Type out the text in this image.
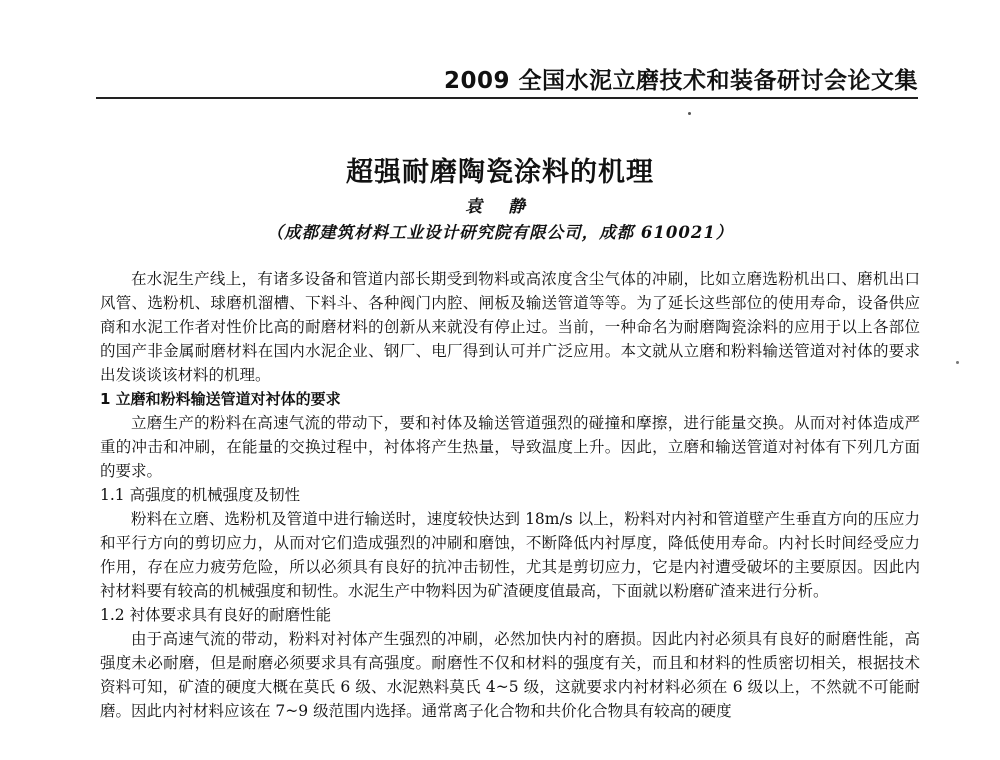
2009 全国水泥立磨技术和装备研讨会论文集
超强耐磨陶瓷涂料的机理
袁 静
（成都建筑材料工业设计研究院有限公司，成都 610021）

在水泥生产线上，有诸多设备和管道内部长期受到物料或高浓度含尘气体的冲刷，比如立磨选粉机出口、磨机出口风管、选粉机、球磨机溜槽、下料斗、各种阀门内腔、闸板及输送管道等等。为了延长这些部位的使用寿命，设备供应商和水泥工作者对性价比高的耐磨材料的创新从来就没有停止过。当前，一种命名为耐磨陶瓷涂料的应用于以上各部位的国产非金属耐磨材料在国内水泥企业、钢厂、电厂得到认可并广泛应用。本文就从立磨和粉料输送管道对衬体的要求出发谈谈该材料的机理。

1 立磨和粉料输送管道对衬体的要求

立磨生产的粉料在高速气流的带动下，要和衬体及输送管道强烈的碰撞和摩擦，进行能量交换。从而对衬体造成严重的冲击和冲刷，在能量的交换过程中，衬体将产生热量，导致温度上升。因此，立磨和输送管道对衬体有下列几方面的要求。

1.1 高强度的机械强度及韧性

粉料在立磨、选粉机及管道中进行输送时，速度较快达到 18m/s 以上，粉料对内衬和管道壁产生垂直方向的压应力和平行方向的剪切应力，从而对它们造成强烈的冲刷和磨蚀，不断降低内衬厚度，降低使用寿命。内衬长时间经受应力作用，存在应力疲劳危险，所以必须具有良好的抗冲击韧性，尤其是剪切应力，它是内衬遭受破坏的主要原因。因此内衬材料要有较高的机械强度和韧性。水泥生产中物料因为矿渣硬度值最高，下面就以粉磨矿渣来进行分析。

1.2 衬体要求具有良好的耐磨性能

由于高速气流的带动，粉料对衬体产生强烈的冲刷，必然加快内衬的磨损。因此内衬必须具有良好的耐磨性能，高强度未必耐磨，但是耐磨必须要求具有高强度。耐磨性不仅和材料的强度有关，而且和材料的性质密切相关，根据技术资料可知，矿渣的硬度大概在莫氏 6 级、水泥熟料莫氏 4~5 级，这就要求内衬材料必须在 6 级以上，不然就不可能耐磨。因此内衬材料应该在 7~9 级范围内选择。通常离子化合物和共价化合物具有较高的硬度
